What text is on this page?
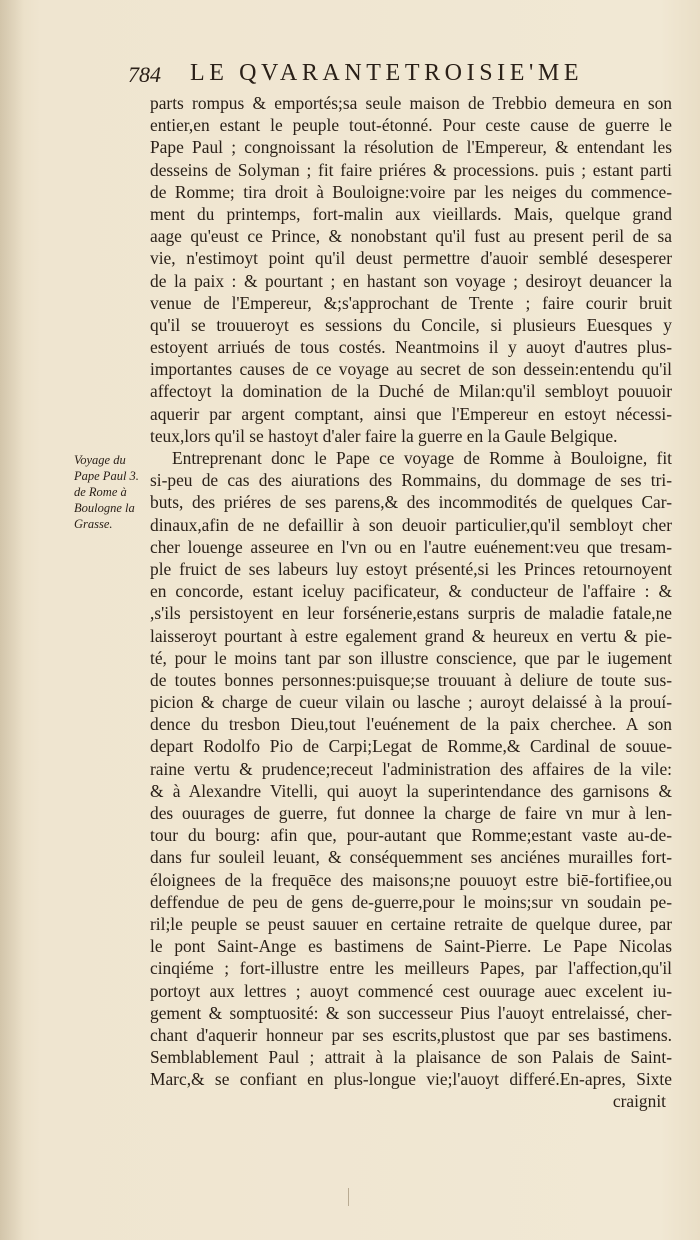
784 LE QVARANTETROISIE'ME
Voyage du
Pape Paul 3.
de Rome à
Boulogne la
Grasse.
parts rompus & emportés;sa seule maison de Trebbio demeura en son
entier,en estant le peuple tout-étonné. Pour ceste cause de guerre le
Pape Paul ; congnoissant la résolution de l'Empereur, & entendant les
desseins de Solyman ; fit faire priéres & processions. puis ; estant parti
de Romme; tira droit à Bouloigne:voire par les neiges du commence-
ment du printemps, fort-malin aux vieillards. Mais, quelque grand
aage qu'eust ce Prince, & nonobstant qu'il fust au present peril de sa
vie, n'estimoyt point qu'il deust permettre d'auoir semblé desesperer
de la paix : & pourtant ; en hastant son voyage ; desiroyt deuancer la
venue de l'Empereur, &;s'approchant de Trente ; faire courir bruit
qu'il se trouueroyt es sessions du Concile, si plusieurs Euesques y
estoyent arriués de tous costés. Neantmoins il y auoyt d'autres plus-
importantes causes de ce voyage au secret de son dessein:entendu qu'il
affectoyt la domination de la Duché de Milan:qu'il sembloyt pouuoir
aquerir par argent comptant, ainsi que l'Empereur en estoyt nécessi-
teux,lors qu'il se hastoyt d'aler faire la guerre en la Gaule Belgique.
Entreprenant donc le Pape ce voyage de Romme à Bouloigne, fit
si-peu de cas des aiurations des Rommains, du dommage de ses tri-
buts, des priéres de ses parens,& des incommodités de quelques Car-
dinaux,afin de ne defaillir à son deuoir particulier,qu'il sembloyt cher
cher louenge asseuree en l'vn ou en l'autre euénement:veu que tresam-
ple fruict de ses labeurs luy estoyt présenté,si les Princes retournoyent
en concorde, estant iceluy pacificateur, & conducteur de l'affaire : &
,s'ils persistoyent en leur forsénerie,estans surpris de maladie fatale,ne
laisseroyt pourtant à estre egalement grand & heureux en vertu & pie-
té, pour le moins tant par son illustre conscience, que par le iugement
de toutes bonnes personnes:puisque;se trouuant à deliure de toute sus-
picion & charge de cueur vilain ou lasche ; auroyt delaissé à la prouí-
dence du tresbon Dieu,tout l'euénement de la paix cherchee. A son
depart Rodolfo Pio de Carpi;Legat de Romme,& Cardinal de souue-
raine vertu & prudence;receut l'administration des affaires de la vile:
& à Alexandre Vitelli, qui auoyt la superintendance des garnisons &
des ouurages de guerre, fut donnee la charge de faire vn mur à len-
tour du bourg: afin que, pour-autant que Romme;estant vaste au-de-
dans fur souleil leuant, & conséquemment ses anciénes murailles fort-
éloignees de la frequēce des maisons;ne pouuoyt estre biē-fortifiee,ou
deffendue de peu de gens de-guerre,pour le moins;sur vn soudain pe-
ril;le peuple se peust sauuer en certaine retraite de quelque duree, par
le pont Saint-Ange es bastimens de Saint-Pierre. Le Pape Nicolas
cinqiéme ; fort-illustre entre les meilleurs Papes, par l'affection,qu'il
portoyt aux lettres ; auoyt commencé cest ouurage auec excelent iu-
gement & somptuosité: & son successeur Pius l'auoyt entrelaissé, cher-
chant d'aquerir honneur par ses escrits,plustost que par ses bastimens.
Semblablement Paul ; attrait à la plaisance de son Palais de Saint-
Marc,& se confiant en plus-longue vie;l'auoyt differé.En-apres, Sixte
craignit
